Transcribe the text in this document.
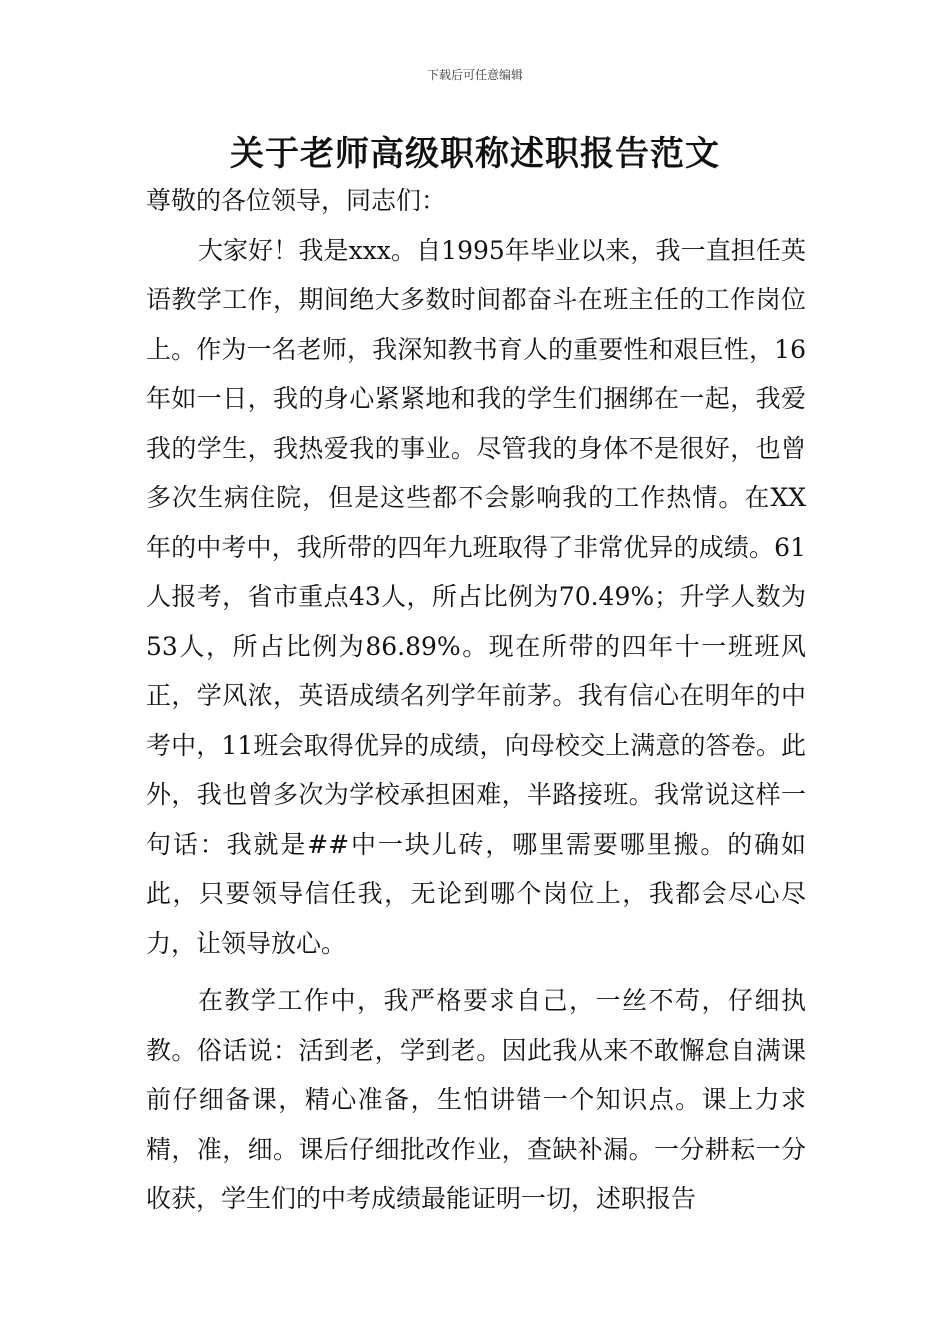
下载后可任意编辑
关于老师高级职称述职报告范文

尊敬的各位领导，同志们：

大家好！我是xxx。自1995年毕业以来，我一直担任英语教学工作，期间绝大多数时间都奋斗在班主任的工作岗位上。作为一名老师，我深知教书育人的重要性和艰巨性，16年如一日，我的身心紧紧地和我的学生们捆绑在一起，我爱我的学生，我热爱我的事业。尽管我的身体不是很好，也曾多次生病住院，但是这些都不会影响我的工作热情。在XX年的中考中，我所带的四年九班取得了非常优异的成绩。61人报考，省市重点43人，所占比例为70.49%；升学人数为53人，所占比例为86.89%。现在所带的四年十一班班风正，学风浓，英语成绩名列学年前茅。我有信心在明年的中考中，11班会取得优异的成绩，向母校交上满意的答卷。此外，我也曾多次为学校承担困难，半路接班。我常说这样一句话：我就是##中一块儿砖，哪里需要哪里搬。的确如此，只要领导信任我，无论到哪个岗位上，我都会尽心尽力，让领导放心。

在教学工作中，我严格要求自己，一丝不苟，仔细执教。俗话说：活到老，学到老。因此我从来不敢懈怠自满课前仔细备课，精心准备，生怕讲错一个知识点。课上力求精，准，细。课后仔细批改作业，查缺补漏。一分耕耘一分收获，学生们的中考成绩最能证明一切，述职报告
